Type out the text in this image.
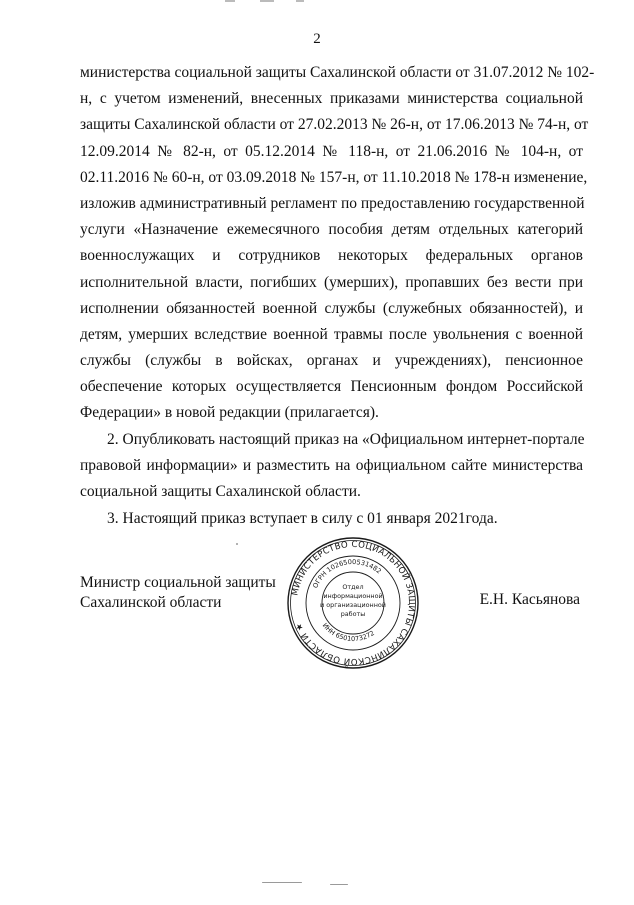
2
министерства социальной защиты Сахалинской области от 31.07.2012 № 102-
н, с учетом изменений, внесенных приказами министерства социальной
защиты Сахалинской области от 27.02.2013 № 26-н, от 17.06.2013 № 74-н, от
12.09.2014 № 82-н, от 05.12.2014 № 118-н, от 21.06.2016 № 104-н, от
02.11.2016 № 60-н, от 03.09.2018 № 157-н, от 11.10.2018 № 178-н изменение,
изложив административный регламент по предоставлению государственной
услуги «Назначение ежемесячного пособия детям отдельных категорий
военнослужащих и сотрудников некоторых федеральных органов
исполнительной власти, погибших (умерших), пропавших без вести при
исполнении обязанностей военной службы (служебных обязанностей), и
детям, умерших вследствие военной травмы после увольнения с военной
службы (службы в войсках, органах и учреждениях), пенсионное
обеспечение которых осуществляется Пенсионным фондом Российской
Федерации» в новой редакции (прилагается).
2. Опубликовать настоящий приказ на «Официальном интернет-портале
правовой информации» и разместить на официальном сайте министерства
социальной защиты Сахалинской области.
3. Настоящий приказ вступает в силу с 01 января 2021года.
Министр социальной защиты
Сахалинской области	Е.Н. Касьянова
МИНИСТЕРСТВО СОЦИАЛЬНОЙ ЗАЩИТЫ САХАЛИНСКОЙ ОБЛАСТИ ★
ОГРН 1026500531482
ИНН 6501073272
Отдел
информационной
и организационной
работы
